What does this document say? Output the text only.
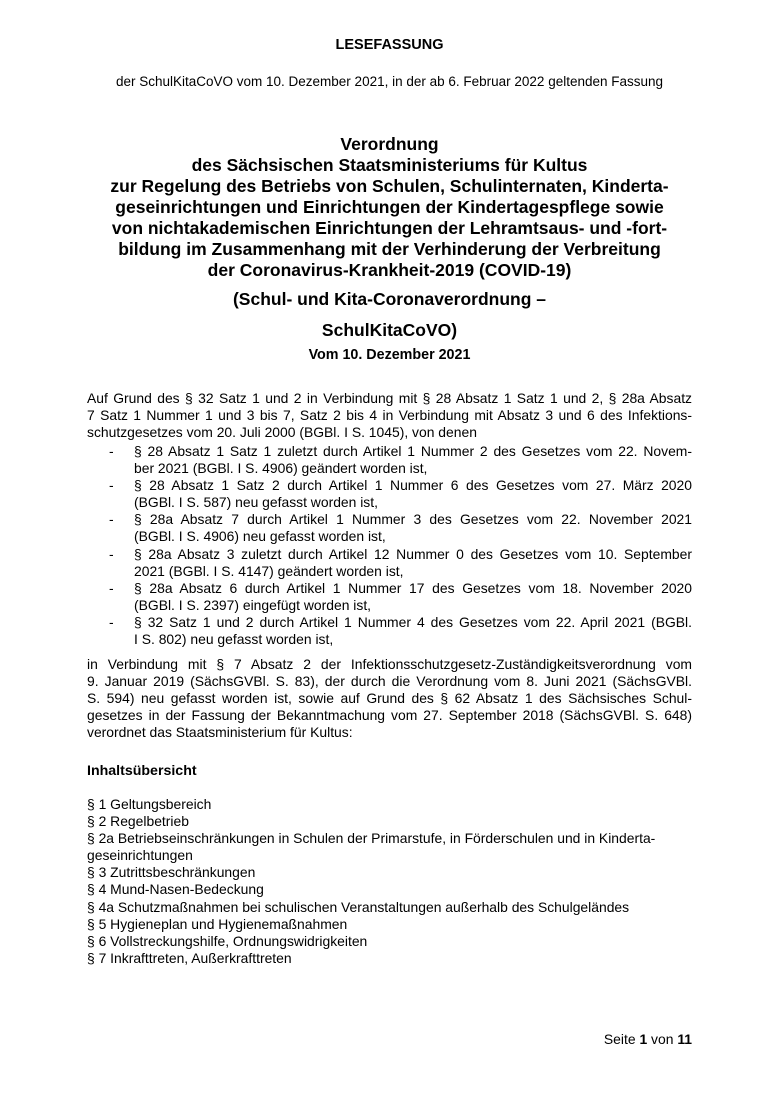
LESEFASSUNG
der SchulKitaCoVO vom 10. Dezember 2021, in der ab 6. Februar 2022 geltenden Fassung
Verordnung
des Sächsischen Staatsministeriums für Kultus
zur Regelung des Betriebs von Schulen, Schulinternaten, Kinderta-
geseinrichtungen und Einrichtungen der Kindertagespflege sowie
von nichtakademischen Einrichtungen der Lehramtsaus- und -fort-
bildung im Zusammenhang mit der Verhinderung der Verbreitung
der Coronavirus-Krankheit-2019 (COVID-19)
(Schul- und Kita-Coronaverordnung –
SchulKitaCoVO)
Vom 10. Dezember 2021
Auf Grund des § 32 Satz 1 und 2 in Verbindung mit § 28 Absatz 1 Satz 1 und 2, § 28a Absatz
7 Satz 1 Nummer 1 und 3 bis 7, Satz 2 bis 4 in Verbindung mit Absatz 3 und 6 des Infektions-
schutzgesetzes vom 20. Juli 2000 (BGBl. I S. 1045), von denen
- § 28 Absatz 1 Satz 1 zuletzt durch Artikel 1 Nummer 2 des Gesetzes vom 22. Novem-
ber 2021 (BGBl. I S. 4906) geändert worden ist,
- § 28 Absatz 1 Satz 2 durch Artikel 1 Nummer 6 des Gesetzes vom 27. März 2020
(BGBl. I S. 587) neu gefasst worden ist,
- § 28a Absatz 7 durch Artikel 1 Nummer 3 des Gesetzes vom 22. November 2021
(BGBl. I S. 4906) neu gefasst worden ist,
- § 28a Absatz 3 zuletzt durch Artikel 12 Nummer 0 des Gesetzes vom 10. September
2021 (BGBl. I S. 4147) geändert worden ist,
- § 28a Absatz 6 durch Artikel 1 Nummer 17 des Gesetzes vom 18. November 2020
(BGBl. I S. 2397) eingefügt worden ist,
- § 32 Satz 1 und 2 durch Artikel 1 Nummer 4 des Gesetzes vom 22. April 2021 (BGBl.
I S. 802) neu gefasst worden ist,
in Verbindung mit § 7 Absatz 2 der Infektionsschutzgesetz-Zuständigkeitsverordnung vom
9. Januar 2019 (SächsGVBl. S. 83), der durch die Verordnung vom 8. Juni 2021 (SächsGVBl.
S. 594) neu gefasst worden ist, sowie auf Grund des § 62 Absatz 1 des Sächsisches Schul-
gesetzes in der Fassung der Bekanntmachung vom 27. September 2018 (SächsGVBl. S. 648)
verordnet das Staatsministerium für Kultus:
Inhaltsübersicht
§ 1 Geltungsbereich
§ 2 Regelbetrieb
§ 2a Betriebseinschränkungen in Schulen der Primarstufe, in Förderschulen und in Kinderta-
geseinrichtungen
§ 3 Zutrittsbeschränkungen
§ 4 Mund-Nasen-Bedeckung
§ 4a Schutzmaßnahmen bei schulischen Veranstaltungen außerhalb des Schulgeländes
§ 5 Hygieneplan und Hygienemaßnahmen
§ 6 Vollstreckungshilfe, Ordnungswidrigkeiten
§ 7 Inkrafttreten, Außerkrafttreten
Seite 1 von 11
